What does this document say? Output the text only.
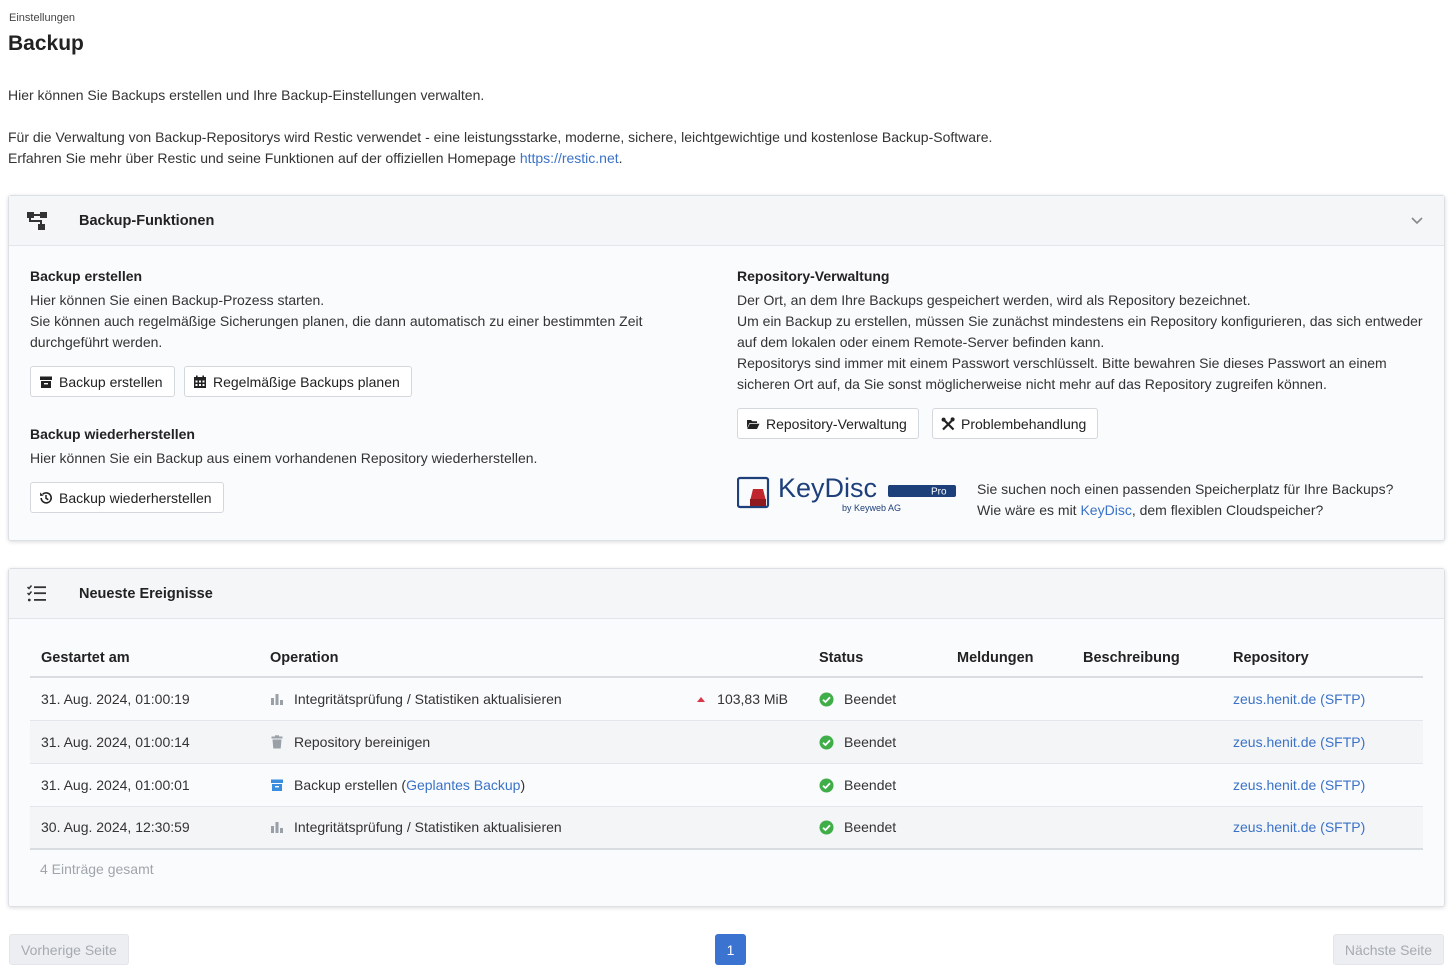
Einstellungen
Backup
Hier können Sie Backups erstellen und Ihre Backup-Einstellungen verwalten.
Für die Verwaltung von Backup-Repositorys wird Restic verwendet - eine leistungsstarke, moderne, sichere, leichtgewichtige und kostenlose Backup-Software.
Erfahren Sie mehr über Restic und seine Funktionen auf der offiziellen Homepage https://restic.net.
Backup-Funktionen
Backup erstellen
Hier können Sie einen Backup-Prozess starten.
Sie können auch regelmäßige Sicherungen planen, die dann automatisch zu einer bestimmten Zeit durchgeführt werden.
Backup erstellen	Regelmäßige Backups planen
Backup wiederherstellen
Hier können Sie ein Backup aus einem vorhandenen Repository wiederherstellen.
Backup wiederherstellen
Repository-Verwaltung
Der Ort, an dem Ihre Backups gespeichert werden, wird als Repository bezeichnet.
Um ein Backup zu erstellen, müssen Sie zunächst mindestens ein Repository konfigurieren, das sich entweder auf dem lokalen oder einem Remote-Server befinden kann.
Repositorys sind immer mit einem Passwort verschlüsselt. Bitte bewahren Sie dieses Passwort an einem sicheren Ort auf, da Sie sonst möglicherweise nicht mehr auf das Repository zugreifen können.
Repository-Verwaltung	Problembehandlung
KeyDisc	Pro
by Keyweb AG
Sie suchen noch einen passenden Speicherplatz für Ihre Backups?
Wie wäre es mit KeyDisc, dem flexiblen Cloudspeicher?
Neueste Ereignisse
Gestartet am	Operation	Status	Meldungen	Beschreibung	Repository
31. Aug. 2024, 01:00:19	Integritätsprüfung / Statistiken aktualisieren 103,83 MiB	Beendet			zeus.henit.de (SFTP)
31. Aug. 2024, 01:00:14	Repository bereinigen	Beendet			zeus.henit.de (SFTP)
31. Aug. 2024, 01:00:01	Backup erstellen (Geplantes Backup)	Beendet			zeus.henit.de (SFTP)
30. Aug. 2024, 12:30:59	Integritätsprüfung / Statistiken aktualisieren	Beendet			zeus.henit.de (SFTP)
4 Einträge gesamt
Vorherige Seite	1	Nächste Seite
